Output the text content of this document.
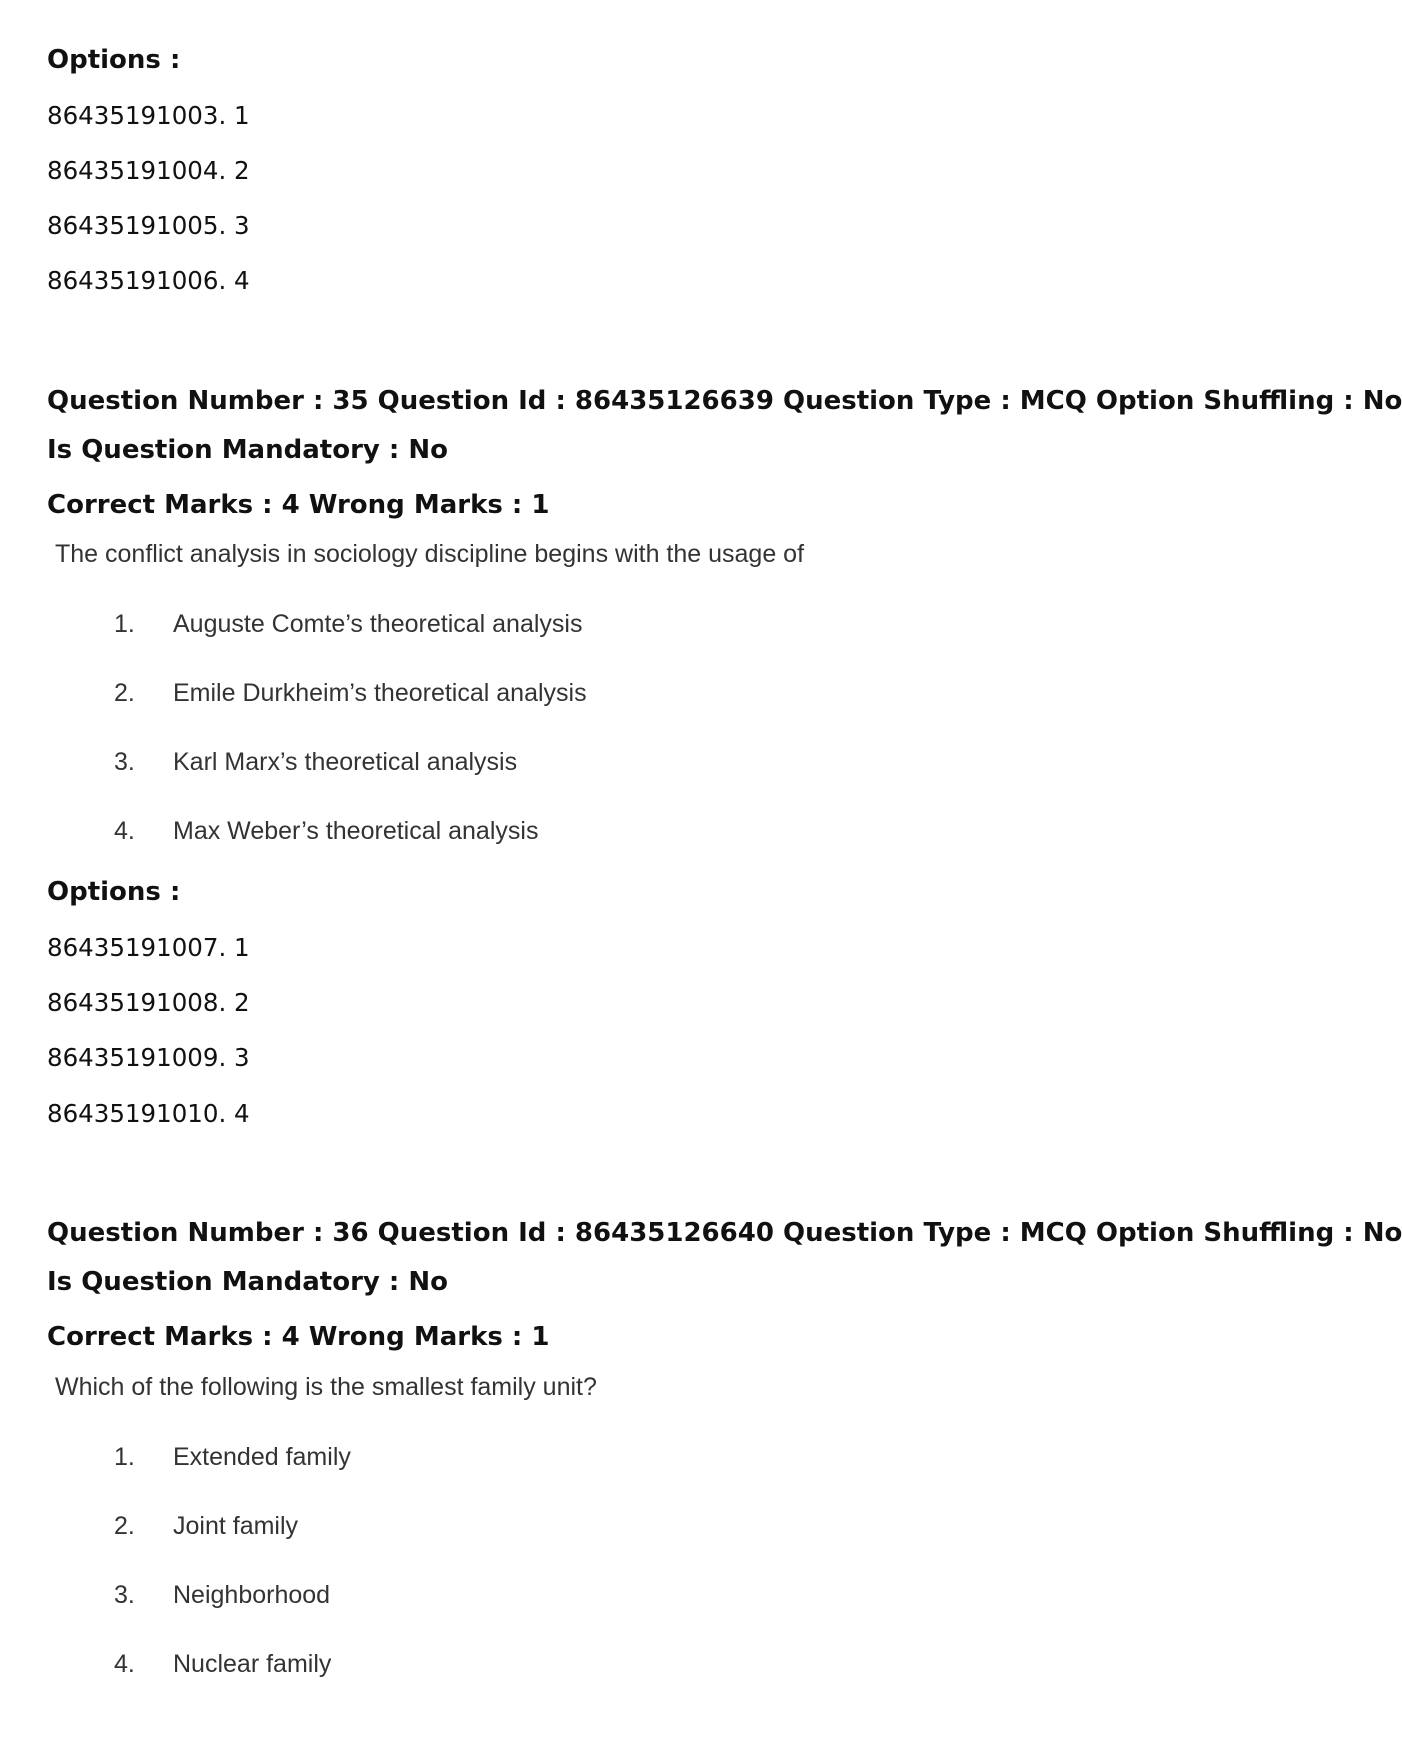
Options :
86435191003. 1
86435191004. 2
86435191005. 3
86435191006. 4
Question Number : 35 Question Id : 86435126639 Question Type : MCQ Option Shuffling : No
Is Question Mandatory : No
Correct Marks : 4 Wrong Marks : 1
The conflict analysis in sociology discipline begins with the usage of
1. Auguste Comte’s theoretical analysis
2. Emile Durkheim’s theoretical analysis
3. Karl Marx’s theoretical analysis
4. Max Weber’s theoretical analysis
Options :
86435191007. 1
86435191008. 2
86435191009. 3
86435191010. 4
Question Number : 36 Question Id : 86435126640 Question Type : MCQ Option Shuffling : No
Is Question Mandatory : No
Correct Marks : 4 Wrong Marks : 1
Which of the following is the smallest family unit?
1. Extended family
2. Joint family
3. Neighborhood
4. Nuclear family
